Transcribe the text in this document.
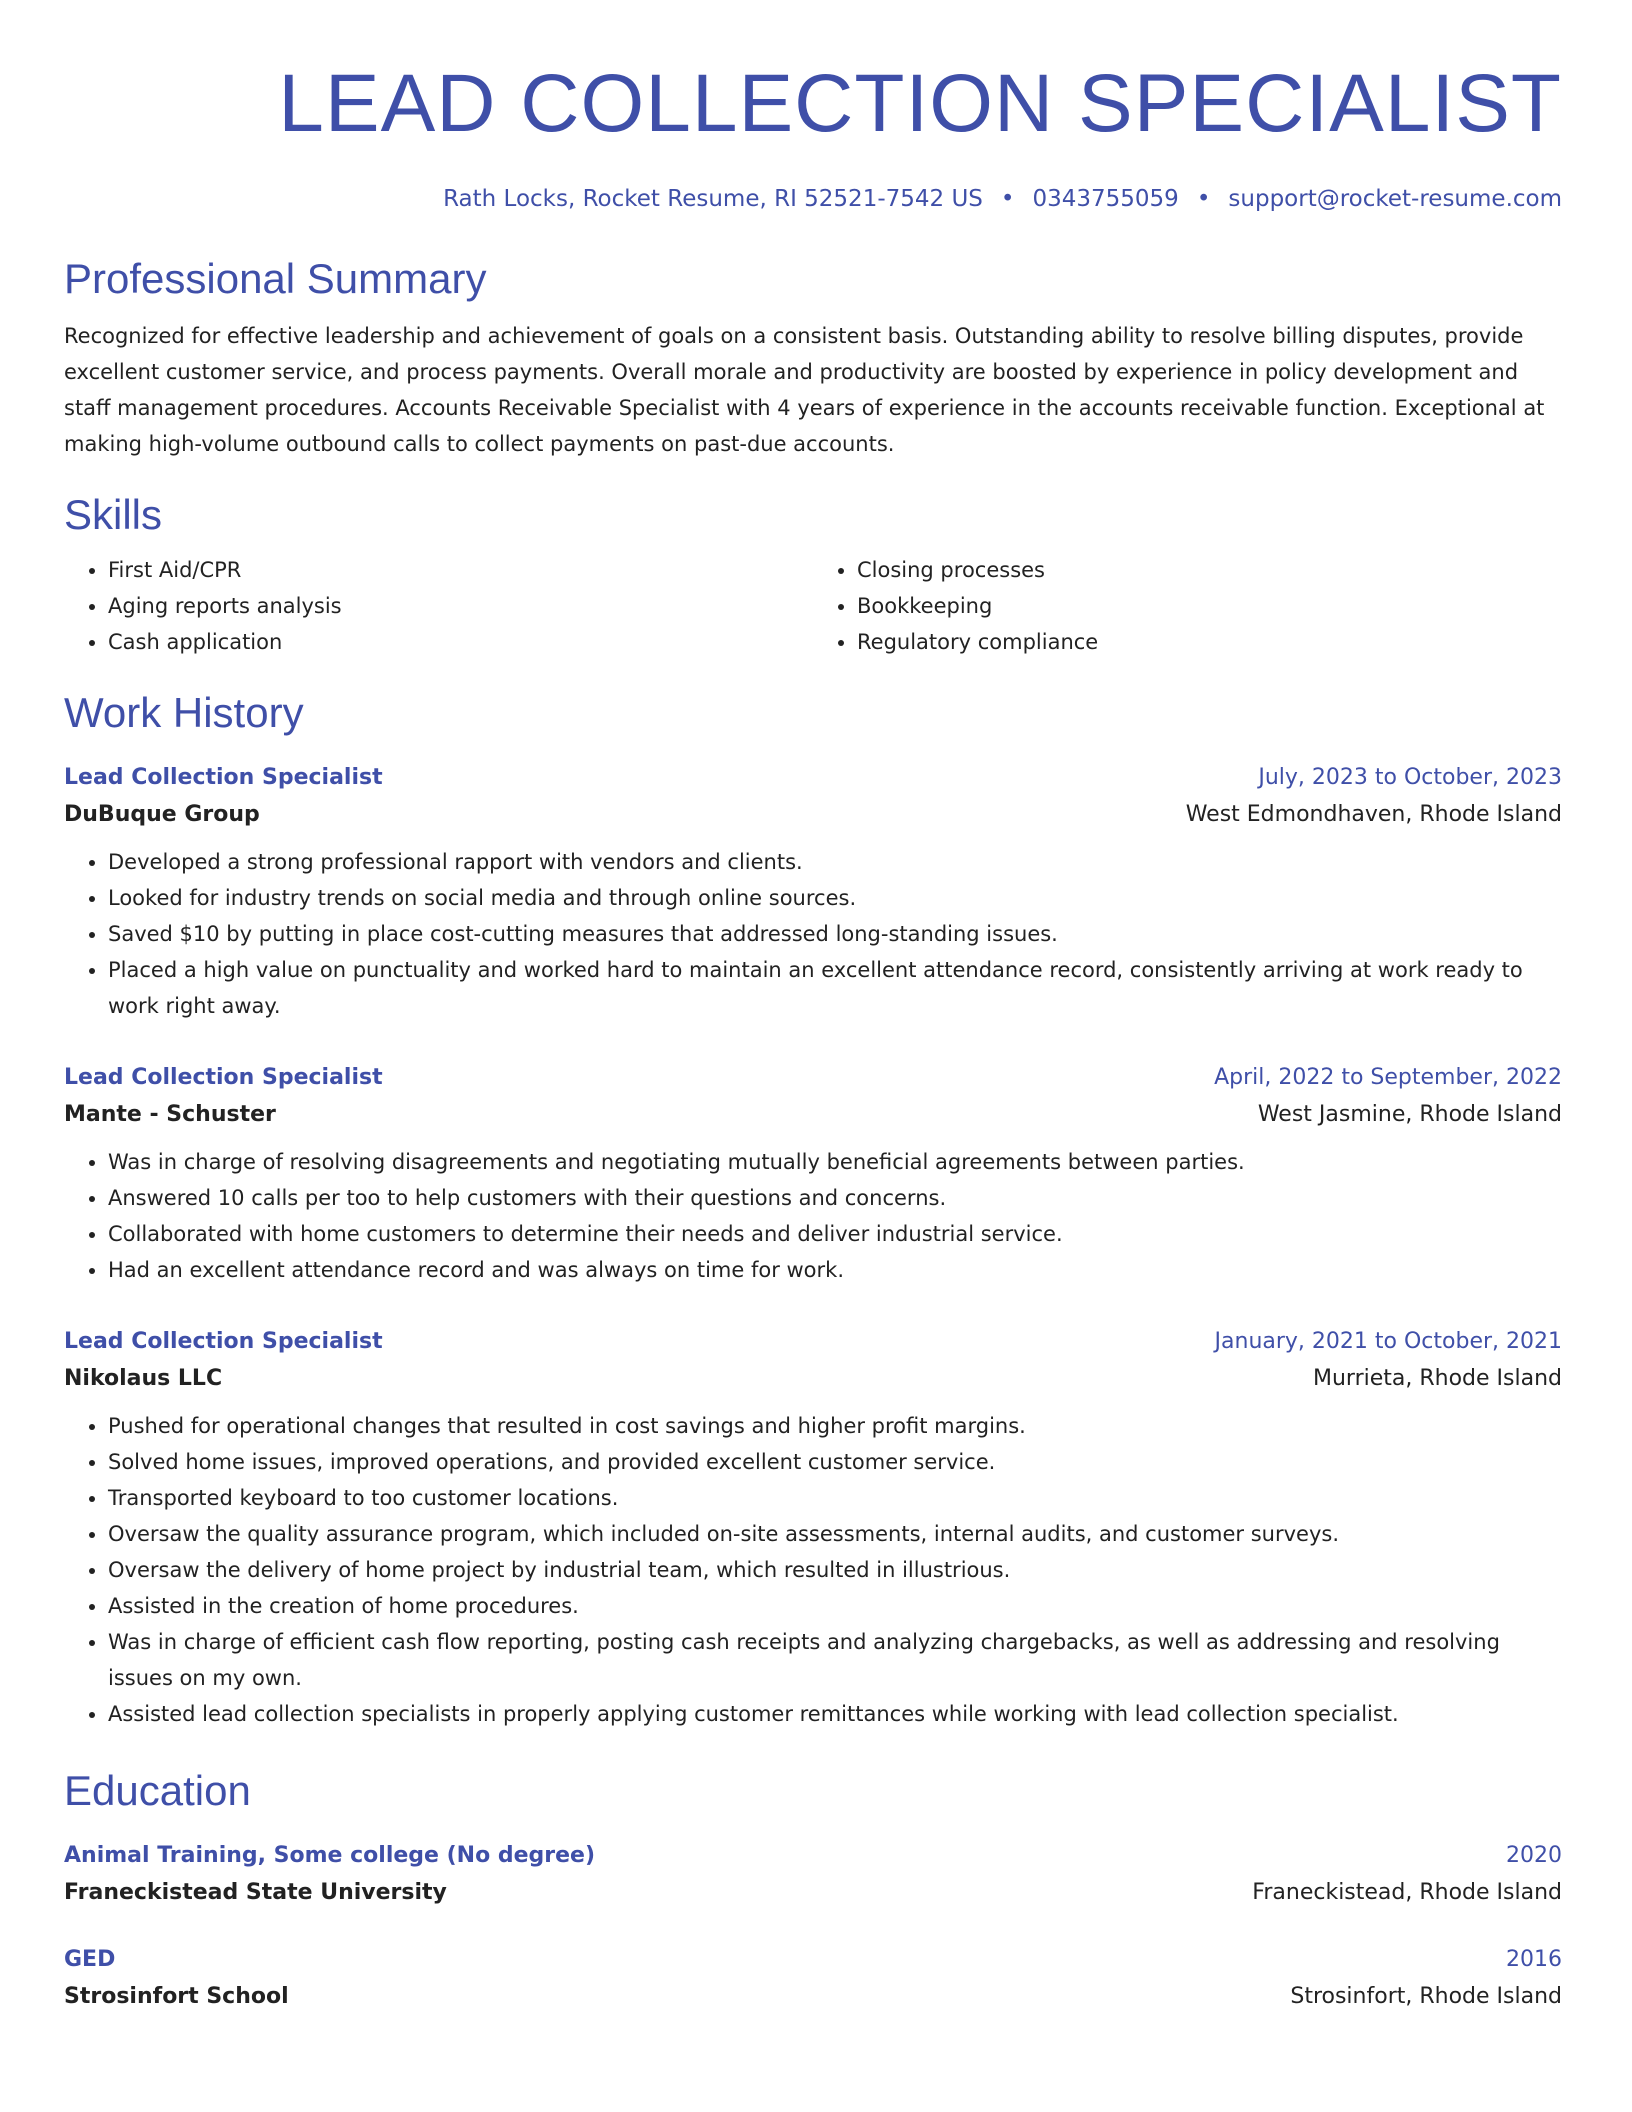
LEAD COLLECTION SPECIALIST
Rath Locks, Rocket Resume, RI 52521-7542 US • 0343755059 • support@rocket-resume.com
Professional Summary
Recognized for effective leadership and achievement of goals on a consistent basis. Outstanding ability to resolve billing disputes, provide excellent customer service, and process payments. Overall morale and productivity are boosted by experience in policy development and staff management procedures. Accounts Receivable Specialist with 4 years of experience in the accounts receivable function. Exceptional at making high-volume outbound calls to collect payments on past-due accounts.
Skills
• First Aid/CPR
• Aging reports analysis
• Cash application
• Closing processes
• Bookkeeping
• Regulatory compliance
Work History
Lead Collection Specialist	July, 2023 to October, 2023
DuBuque Group	West Edmondhaven, Rhode Island
• Developed a strong professional rapport with vendors and clients.
• Looked for industry trends on social media and through online sources.
• Saved $10 by putting in place cost-cutting measures that addressed long-standing issues.
• Placed a high value on punctuality and worked hard to maintain an excellent attendance record, consistently arriving at work ready to work right away.
Lead Collection Specialist	April, 2022 to September, 2022
Mante - Schuster	West Jasmine, Rhode Island
• Was in charge of resolving disagreements and negotiating mutually beneficial agreements between parties.
• Answered 10 calls per too to help customers with their questions and concerns.
• Collaborated with home customers to determine their needs and deliver industrial service.
• Had an excellent attendance record and was always on time for work.
Lead Collection Specialist	January, 2021 to October, 2021
Nikolaus LLC	Murrieta, Rhode Island
• Pushed for operational changes that resulted in cost savings and higher profit margins.
• Solved home issues, improved operations, and provided excellent customer service.
• Transported keyboard to too customer locations.
• Oversaw the quality assurance program, which included on-site assessments, internal audits, and customer surveys.
• Oversaw the delivery of home project by industrial team, which resulted in illustrious.
• Assisted in the creation of home procedures.
• Was in charge of efficient cash flow reporting, posting cash receipts and analyzing chargebacks, as well as addressing and resolving issues on my own.
• Assisted lead collection specialists in properly applying customer remittances while working with lead collection specialist.
Education
Animal Training, Some college (No degree)	2020
Franeckistead State University	Franeckistead, Rhode Island
GED	2016
Strosinfort School	Strosinfort, Rhode Island
